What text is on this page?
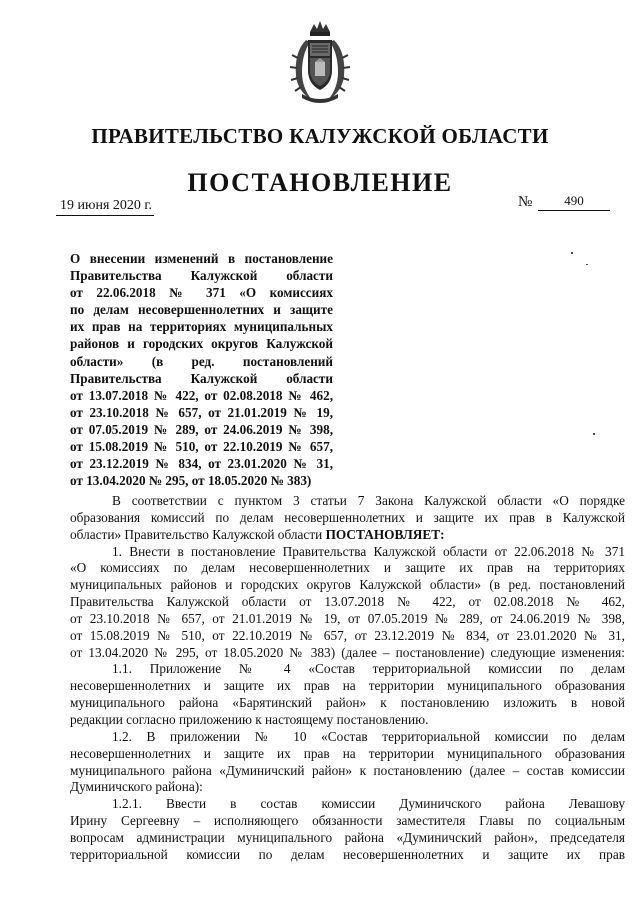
ПРАВИТЕЛЬСТВО КАЛУЖСКОЙ ОБЛАСТИ
ПОСТАНОВЛЕНИЕ
19 июня 2020 г.	№	490
О внесении изменений в постановление
Правительства Калужской области
от 22.06.2018 № 371 «О комиссиях
по делам несовершеннолетних и защите
их прав на территориях муниципальных
районов и городских округов Калужской
области» (в ред. постановлений
Правительства Калужской области
от 13.07.2018 № 422, от 02.08.2018 № 462,
от 23.10.2018 № 657, от 21.01.2019 № 19,
от 07.05.2019 № 289, от 24.06.2019 № 398,
от 15.08.2019 № 510, от 22.10.2019 № 657,
от 23.12.2019 № 834, от 23.01.2020 № 31,
от 13.04.2020 № 295, от 18.05.2020 № 383)
В соответствии с пунктом 3 статьи 7 Закона Калужской области «О порядке
образования комиссий по делам несовершеннолетних и защите их прав в Калужской
области» Правительство Калужской области ПОСТАНОВЛЯЕТ:
1. Внести в постановление Правительства Калужской области от 22.06.2018 № 371
«О комиссиях по делам несовершеннолетних и защите их прав на территориях
муниципальных районов и городских округов Калужской области» (в ред. постановлений
Правительства Калужской области от 13.07.2018 № 422, от 02.08.2018 № 462,
от 23.10.2018 № 657, от 21.01.2019 № 19, от 07.05.2019 № 289, от 24.06.2019 № 398,
от 15.08.2019 № 510, от 22.10.2019 № 657, от 23.12.2019 № 834, от 23.01.2020 № 31,
от 13.04.2020 № 295, от 18.05.2020 № 383) (далее – постановление) следующие изменения:
1.1. Приложение № 4 «Состав территориальной комиссии по делам
несовершеннолетних и защите их прав на территории муниципального образования
муниципального района «Барятинский район» к постановлению изложить в новой
редакции согласно приложению к настоящему постановлению.
1.2. В приложении № 10 «Состав территориальной комиссии по делам
несовершеннолетних и защите их прав на территории муниципального образования
муниципального района «Думиничский район» к постановлению (далее – состав комиссии
Думиничского района):
1.2.1. Ввести в состав комиссии Думиничского района Левашову
Ирину Сергеевну – исполняющего обязанности заместителя Главы по социальным
вопросам администрации муниципального района «Думиничский район», председателя
территориальной комиссии по делам несовершеннолетних и защите их прав
